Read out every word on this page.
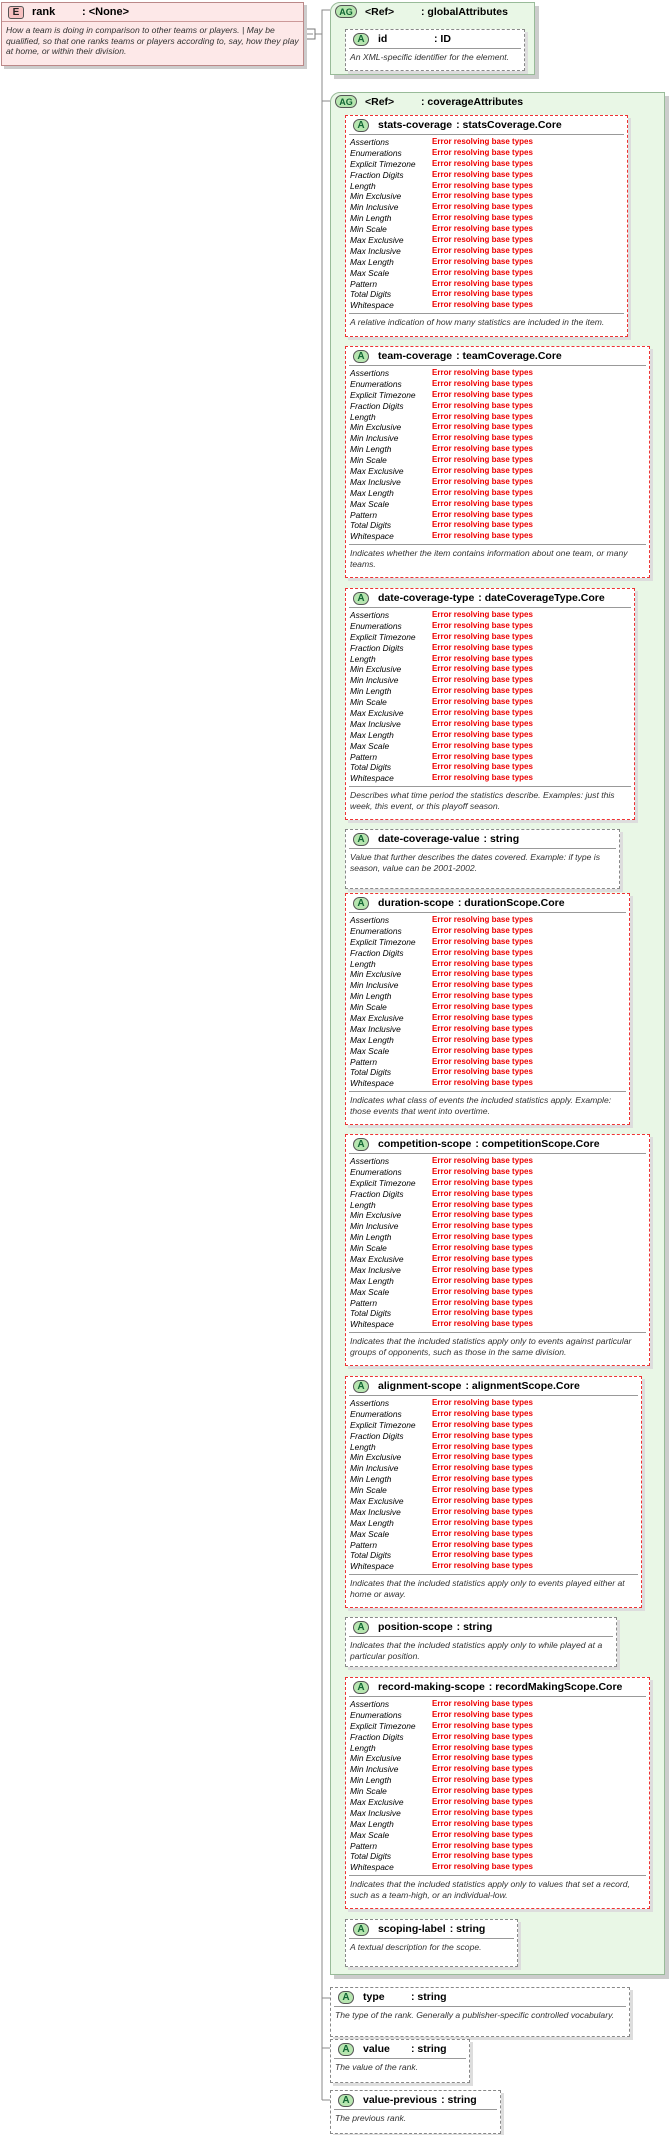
E	rank	: <None>
How a team is doing in comparison to other teams or players. | May be qualified, so that one ranks teams or players according to, say, how they play at home, or within their division.
AG	<Ref>	: globalAttributes
A	id	: ID
An XML-specific identifier for the element.
AG	<Ref>	: coverageAttributes
A	stats-coverage : statsCoverage.Core
Assertions	Error resolving base types
Enumerations	Error resolving base types
Explicit Timezone	Error resolving base types
Fraction Digits	Error resolving base types
Length	Error resolving base types
Min Exclusive	Error resolving base types
Min Inclusive	Error resolving base types
Min Length	Error resolving base types
Min Scale	Error resolving base types
Max Exclusive	Error resolving base types
Max Inclusive	Error resolving base types
Max Length	Error resolving base types
Max Scale	Error resolving base types
Pattern	Error resolving base types
Total Digits	Error resolving base types
Whitespace	Error resolving base types
A relative indication of how many statistics are included in the item.
A	team-coverage : teamCoverage.Core
Assertions	Error resolving base types
Enumerations	Error resolving base types
Explicit Timezone	Error resolving base types
Fraction Digits	Error resolving base types
Length	Error resolving base types
Min Exclusive	Error resolving base types
Min Inclusive	Error resolving base types
Min Length	Error resolving base types
Min Scale	Error resolving base types
Max Exclusive	Error resolving base types
Max Inclusive	Error resolving base types
Max Length	Error resolving base types
Max Scale	Error resolving base types
Pattern	Error resolving base types
Total Digits	Error resolving base types
Whitespace	Error resolving base types
Indicates whether the item contains information about one team, or many teams.
A	date-coverage-type : dateCoverageType.Core
Assertions	Error resolving base types
Enumerations	Error resolving base types
Explicit Timezone	Error resolving base types
Fraction Digits	Error resolving base types
Length	Error resolving base types
Min Exclusive	Error resolving base types
Min Inclusive	Error resolving base types
Min Length	Error resolving base types
Min Scale	Error resolving base types
Max Exclusive	Error resolving base types
Max Inclusive	Error resolving base types
Max Length	Error resolving base types
Max Scale	Error resolving base types
Pattern	Error resolving base types
Total Digits	Error resolving base types
Whitespace	Error resolving base types
Describes what time period the statistics describe. Examples: just this week, this event, or this playoff season.
A	date-coverage-value : string
Value that further describes the dates covered. Example: if type is season, value can be 2001-2002.
A	duration-scope : durationScope.Core
Assertions	Error resolving base types
Enumerations	Error resolving base types
Explicit Timezone	Error resolving base types
Fraction Digits	Error resolving base types
Length	Error resolving base types
Min Exclusive	Error resolving base types
Min Inclusive	Error resolving base types
Min Length	Error resolving base types
Min Scale	Error resolving base types
Max Exclusive	Error resolving base types
Max Inclusive	Error resolving base types
Max Length	Error resolving base types
Max Scale	Error resolving base types
Pattern	Error resolving base types
Total Digits	Error resolving base types
Whitespace	Error resolving base types
Indicates what class of events the included statistics apply. Example: those events that went into overtime.
A	competition-scope : competitionScope.Core
Assertions	Error resolving base types
Enumerations	Error resolving base types
Explicit Timezone	Error resolving base types
Fraction Digits	Error resolving base types
Length	Error resolving base types
Min Exclusive	Error resolving base types
Min Inclusive	Error resolving base types
Min Length	Error resolving base types
Min Scale	Error resolving base types
Max Exclusive	Error resolving base types
Max Inclusive	Error resolving base types
Max Length	Error resolving base types
Max Scale	Error resolving base types
Pattern	Error resolving base types
Total Digits	Error resolving base types
Whitespace	Error resolving base types
Indicates that the included statistics apply only to events against particular groups of opponents, such as those in the same division.
A	alignment-scope : alignmentScope.Core
Assertions	Error resolving base types
Enumerations	Error resolving base types
Explicit Timezone	Error resolving base types
Fraction Digits	Error resolving base types
Length	Error resolving base types
Min Exclusive	Error resolving base types
Min Inclusive	Error resolving base types
Min Length	Error resolving base types
Min Scale	Error resolving base types
Max Exclusive	Error resolving base types
Max Inclusive	Error resolving base types
Max Length	Error resolving base types
Max Scale	Error resolving base types
Pattern	Error resolving base types
Total Digits	Error resolving base types
Whitespace	Error resolving base types
Indicates that the included statistics apply only to events played either at home or away.
A	position-scope : string
Indicates that the included statistics apply only to while played at a particular position.
A	record-making-scope : recordMakingScope.Core
Assertions	Error resolving base types
Enumerations	Error resolving base types
Explicit Timezone	Error resolving base types
Fraction Digits	Error resolving base types
Length	Error resolving base types
Min Exclusive	Error resolving base types
Min Inclusive	Error resolving base types
Min Length	Error resolving base types
Min Scale	Error resolving base types
Max Exclusive	Error resolving base types
Max Inclusive	Error resolving base types
Max Length	Error resolving base types
Max Scale	Error resolving base types
Pattern	Error resolving base types
Total Digits	Error resolving base types
Whitespace	Error resolving base types
Indicates that the included statistics apply only to values that set a record, such as a team-high, or an individual-low.
A	scoping-label : string
A textual description for the scope.
A	type	: string
The type of the rank. Generally a publisher-specific controlled vocabulary.
A	value	: string
The value of the rank.
A	value-previous : string
The previous rank.
